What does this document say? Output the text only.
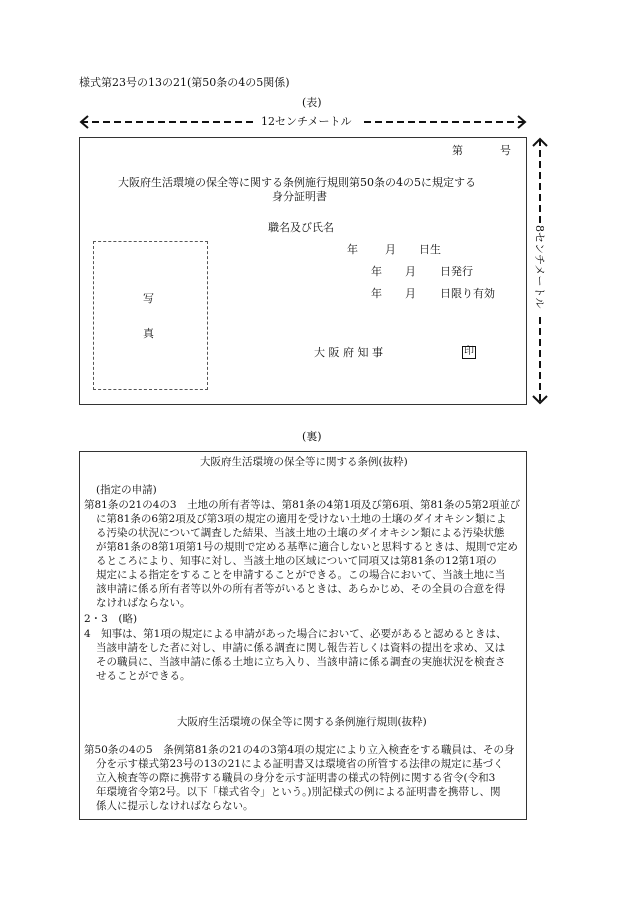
様式第23号の13の21(第50条の4の5関係)
(表)
12センチメートル
8センチメートル
第	号
大阪府生活環境の保全等に関する条例施行規則第50条の4の5に規定する
身分証明書
職名及び氏名
年 月 日生
年 月 日発行
年 月 日限り有効
写
真
大 阪 府 知 事	印
(裏)
大阪府生活環境の保全等に関する条例(抜粋)
(指定の申請)
第81条の21の4の3　土地の所有者等は、第81条の4第1項及び第6項、第81条の5第2項並び
に第81条の6第2項及び第3項の規定の適用を受けない土地の土壌のダイオキシン類によ
る汚染の状況について調査した結果、当該土地の土壌のダイオキシン類による汚染状態
が第81条の8第1項第1号の規則で定める基準に適合しないと思料するときは、規則で定め
るところにより、知事に対し、当該土地の区域について同項又は第81条の12第1項の
規定による指定をすることを申請することができる。この場合において、当該土地に当
該申請に係る所有者等以外の所有者等がいるときは、あらかじめ、その全員の合意を得
なければならない。
2・3　(略)
4　知事は、第1項の規定による申請があった場合において、必要があると認めるときは、
当該申請をした者に対し、申請に係る調査に関し報告若しくは資料の提出を求め、又は
その職員に、当該申請に係る土地に立ち入り、当該申請に係る調査の実施状況を検査さ
せることができる。
大阪府生活環境の保全等に関する条例施行規則(抜粋)
第50条の4の5　条例第81条の21の4の3第4項の規定により立入検査をする職員は、その身
分を示す様式第23号の13の21による証明書又は環境省の所管する法律の規定に基づく
立入検査等の際に携帯する職員の身分を示す証明書の様式の特例に関する省令(令和3
年環境省令第2号。以下「様式省令」という。)別記様式の例による証明書を携帯し、関
係人に提示しなければならない。
